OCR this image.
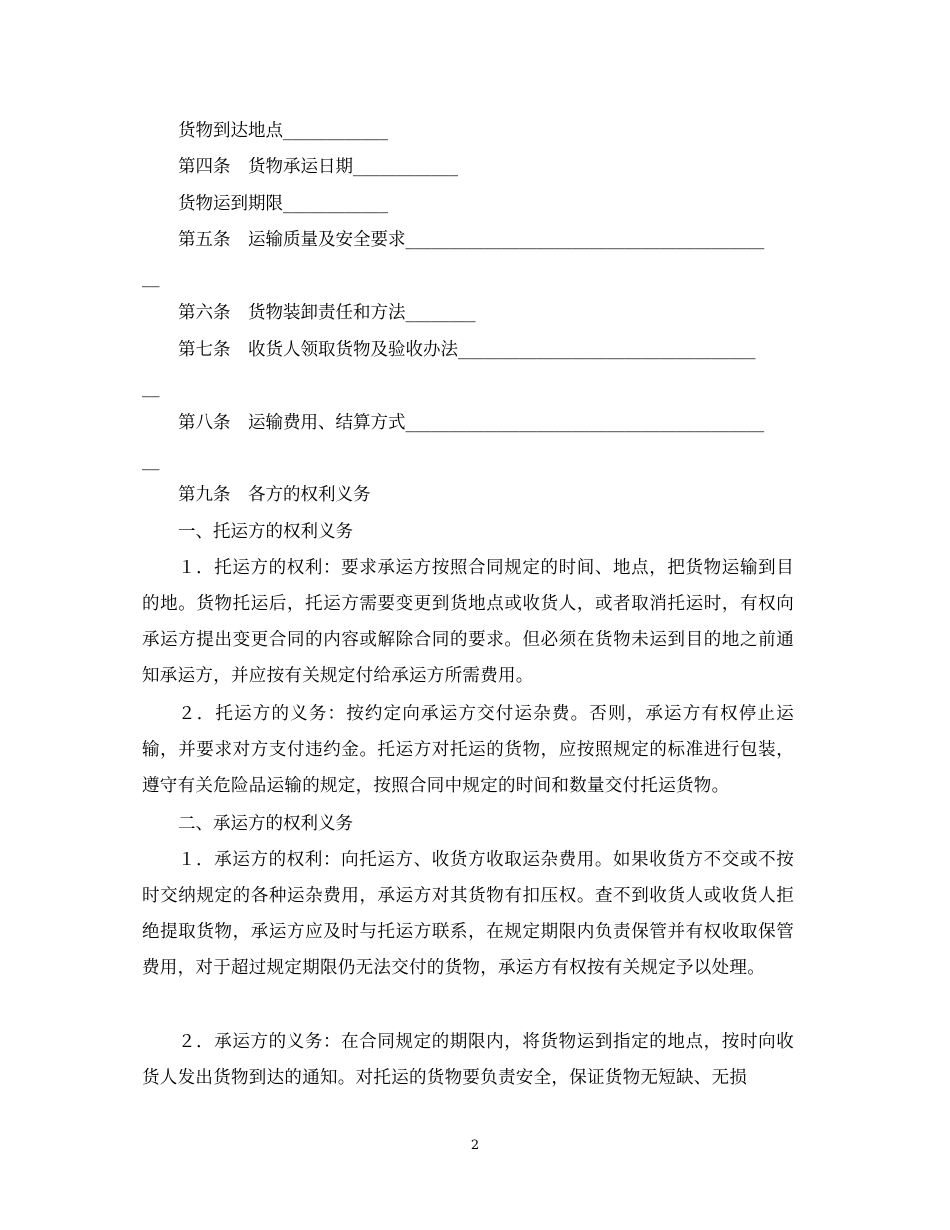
货物到达地点____________
第四条　货物承运日期____________
货物运到期限____________
第五条　运输质量及安全要求_________________________________________
__
第六条　货物装卸责任和方法________
第七条　收货人领取货物及验收办法__________________________________
__
第八条　运输费用、结算方式_________________________________________
__
第九条　各方的权利义务
一、托运方的权利义务
１．托运方的权利：要求承运方按照合同规定的时间、地点，把货物运输到目的地。货物托运后，托运方需要变更到货地点或收货人，或者取消托运时，有权向承运方提出变更合同的内容或解除合同的要求。但必须在货物未运到目的地之前通知承运方，并应按有关规定付给承运方所需费用。
２．托运方的义务：按约定向承运方交付运杂费。否则，承运方有权停止运输，并要求对方支付违约金。托运方对托运的货物，应按照规定的标准进行包装，遵守有关危险品运输的规定，按照合同中规定的时间和数量交付托运货物。
二、承运方的权利义务
１．承运方的权利：向托运方、收货方收取运杂费用。如果收货方不交或不按时交纳规定的各种运杂费用，承运方对其货物有扣压权。查不到收货人或收货人拒绝提取货物，承运方应及时与托运方联系，在规定期限内负责保管并有权收取保管费用，对于超过规定期限仍无法交付的货物，承运方有权按有关规定予以处理。
２．承运方的义务：在合同规定的期限内，将货物运到指定的地点，按时向收货人发出货物到达的通知。对托运的货物要负责安全，保证货物无短缺、无损
2
